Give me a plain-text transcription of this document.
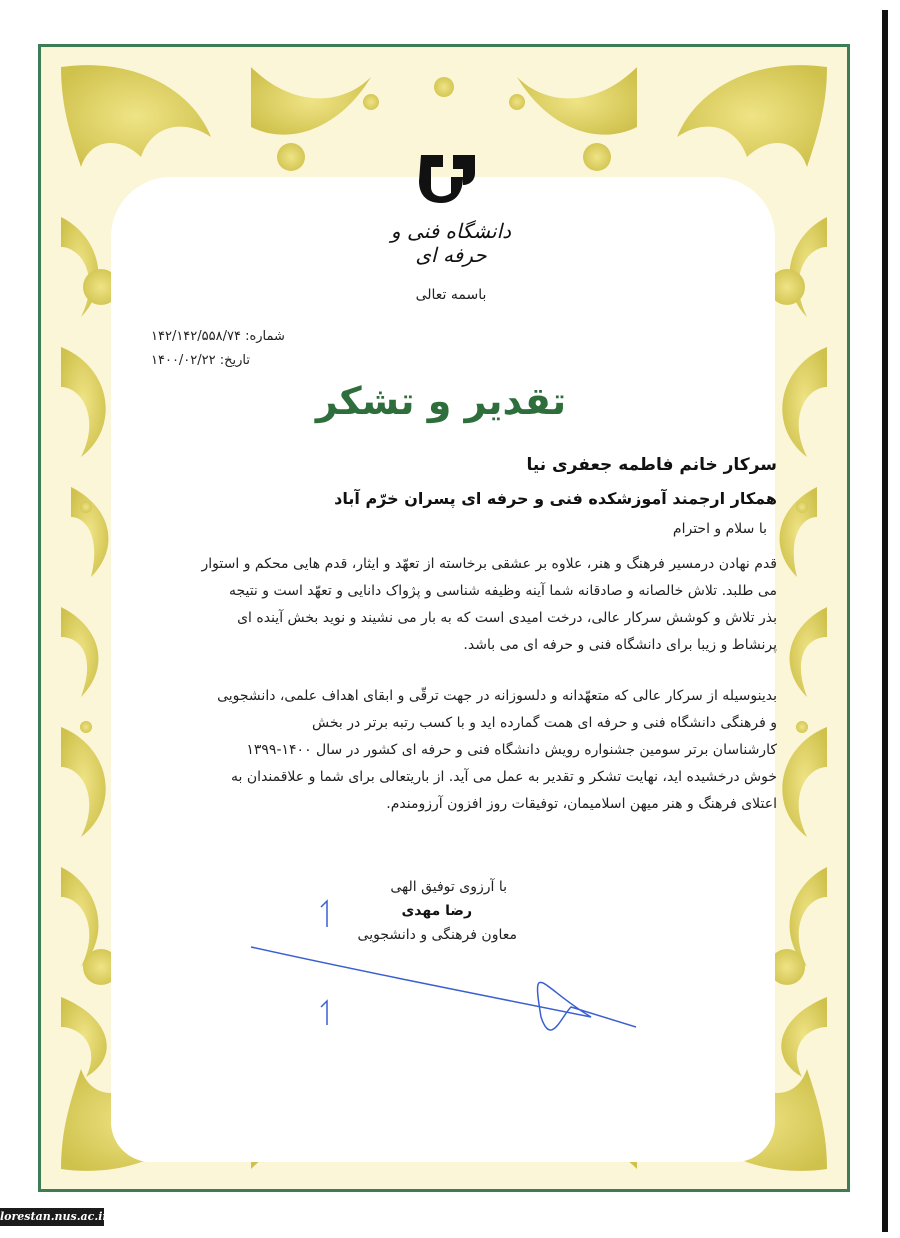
دانشگاه فنی و حرفه ای
باسمه تعالی
شماره: ۱۴۲/۱۴۲/۵۵۸/۷۴
تاریخ: ۱۴۰۰/۰۲/۲۲
تقدیر و تشکر
سرکار خانم فاطمه جعفری نیا
همکار ارجمند آموزشکده فنی و حرفه ای پسران خرّم آباد
با سلام و احترام
قدم نهادن درمسیر فرهنگ و هنر، علاوه بر عشقی برخاسته از تعهّد و ایثار، قدم هایی محکم و استوار
می طلبد. تلاش خالصانه و صادقانه شما آینه وظیفه شناسی و پژواک دانایی و تعهّد است و نتیجه
بذر تلاش و کوشش سرکار عالی، درخت امیدی است که به بار می نشیند و نوید بخش آینده ای
پرنشاط و زیبا برای دانشگاه فنی و حرفه ای می باشد.
بدینوسیله از سرکار عالی که متعهّدانه و دلسوزانه در جهت ترقّی و ابقای اهداف علمی، دانشجویی
و فرهنگی دانشگاه فنی و حرفه ای همت گمارده اید و با کسب رتبه برتر در بخش
کارشناسان برتر سومین جشنواره رویش دانشگاه فنی و حرفه ای کشور در سال ۱۴۰۰-۱۳۹۹
خوش درخشیده اید، نهایت تشکر و تقدیر به عمل می آید. از باریتعالی برای شما و علاقمندان به
اعتلای فرهنگ و هنر میهن اسلامیمان، توفیقات روز افزون آرزومندم.
با آرزوی توفیق الهی
رضا مهدی
معاون فرهنگی و دانشجویی
lorestan.nus.ac.ir
